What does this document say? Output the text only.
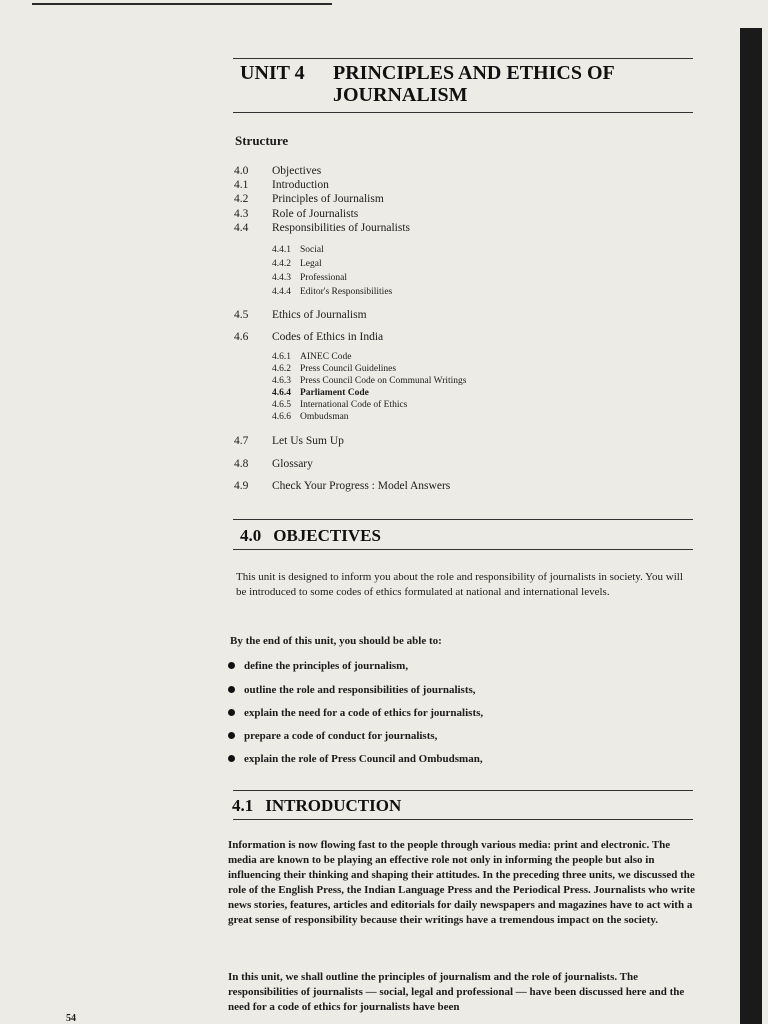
UNIT 4 PRINCIPLES AND ETHICS OF JOURNALISM
Structure
4.0 Objectives
4.1 Introduction
4.2 Principles of Journalism
4.3 Role of Journalists
4.4 Responsibilities of Journalists
4.4.1 Social
4.4.2 Legal
4.4.3 Professional
4.4.4 Editor's Responsibilities
4.5 Ethics of Journalism
4.6 Codes of Ethics in India
4.6.1 AINEC Code
4.6.2 Press Council Guidelines
4.6.3 Press Council Code on Communal Writings
4.6.4 Parliament Code
4.6.5 International Code of Ethics
4.6.6 Ombudsman
4.7 Let Us Sum Up
4.8 Glossary
4.9 Check Your Progress : Model Answers
4.0 OBJECTIVES
This unit is designed to inform you about the role and responsibility of journalists in society. You will be introduced to some codes of ethics formulated at national and international levels.
By the end of this unit, you should be able to:
define the principles of journalism,
outline the role and responsibilities of journalists,
explain the need for a code of ethics for journalists,
prepare a code of conduct for journalists,
explain the role of Press Council and Ombudsman,
4.1 INTRODUCTION
Information is now flowing fast to the people through various media: print and electronic. The media are known to be playing an effective role not only in informing the people but also in influencing their thinking and shaping their attitudes. In the preceding three units, we discussed the role of the English Press, the Indian Language Press and the Periodical Press. Journalists who write news stories, features, articles and editorials for daily newspapers and magazines have to act with a great sense of responsibility because their writings have a tremendous impact on the society.
In this unit, we shall outline the principles of journalism and the role of journalists. The responsibilities of journalists — social, legal and professional — have been discussed here and the need for a code of ethics for journalists have been
54
